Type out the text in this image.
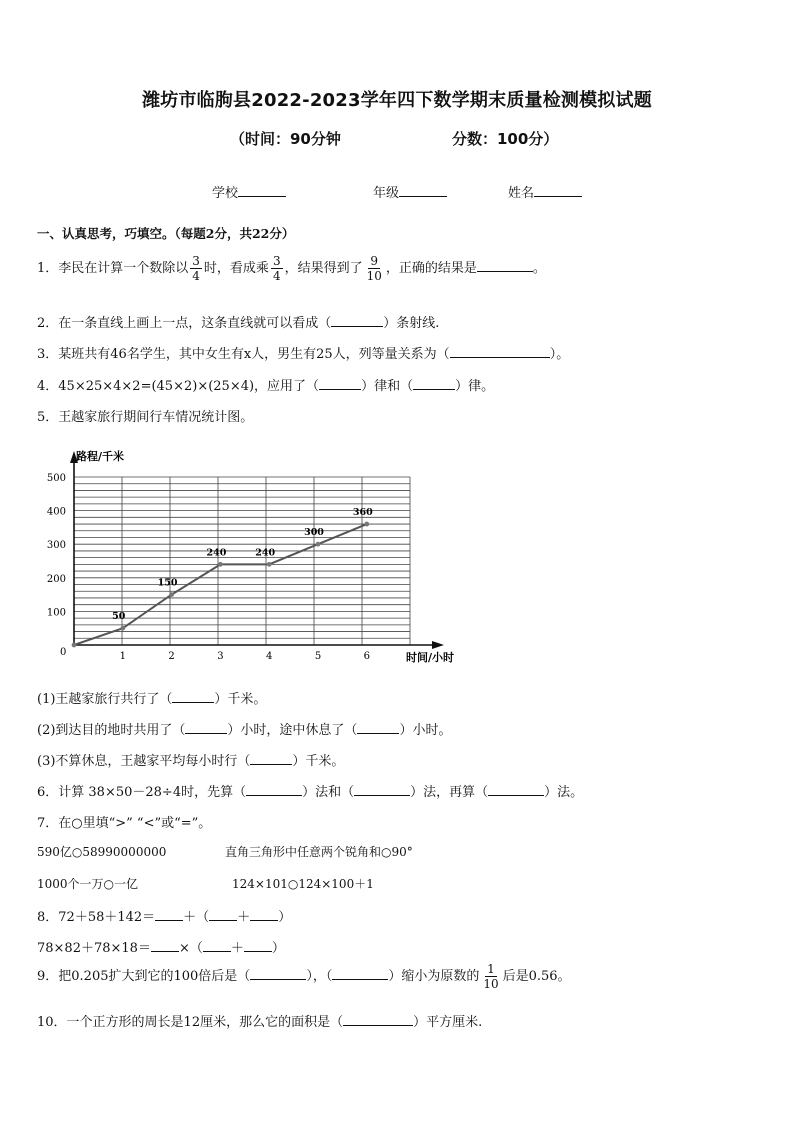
潍坊市临朐县2022-2023学年四下数学期末质量检测模拟试题
（时间：90分钟	分数：100分）
学校	年级	姓名
一、认真思考，巧填空。（每题2分，共22分）
1．李民在计算一个数除以 $\frac{3}{4}$ 时，看成乘 $\frac{3}{4}$ ，结果得到了 $\frac{9}{10}$ ，正确的结果是	。
2．在一条直线上画上一点，这条直线就可以看成（	）条射线.
3．某班共有46名学生，其中女生有x人，男生有25人，列等量关系为（	）。
4．45×25×4×2=(45×2)×(25×4)，应用了（	）律和（	）律。
5．王越家旅行期间行车情况统计图。
路程/千米
时间/小时
0
100
200
300
400
500
1	2	3	4	5	6
50
150
240	240
300
360
(1)王越家旅行共行了（	）千米。
(2)到达目的地时共用了（	）小时，途中休息了（	）小时。
(3)不算休息，王越家平均每小时行（	）千米。
6．计算 38×50－28÷4时，先算（	）法和（	）法，再算（	）法。
7．在○里填“>” “<”或“=”。
590亿○58990000000	直角三角形中任意两个锐角和○90°
1000个一万○一亿	124×101○124×100＋1
8．72＋58＋142＝ ＋（ ＋ ）
78×82＋78×18＝ ×（ ＋ ）
9．把0.205扩大到它的100倍后是（	），（	）缩小为原数的 $\frac{1}{10}$ 后是0.56。
10．一个正方形的周长是12厘米，那么它的面积是（	）平方厘米.
